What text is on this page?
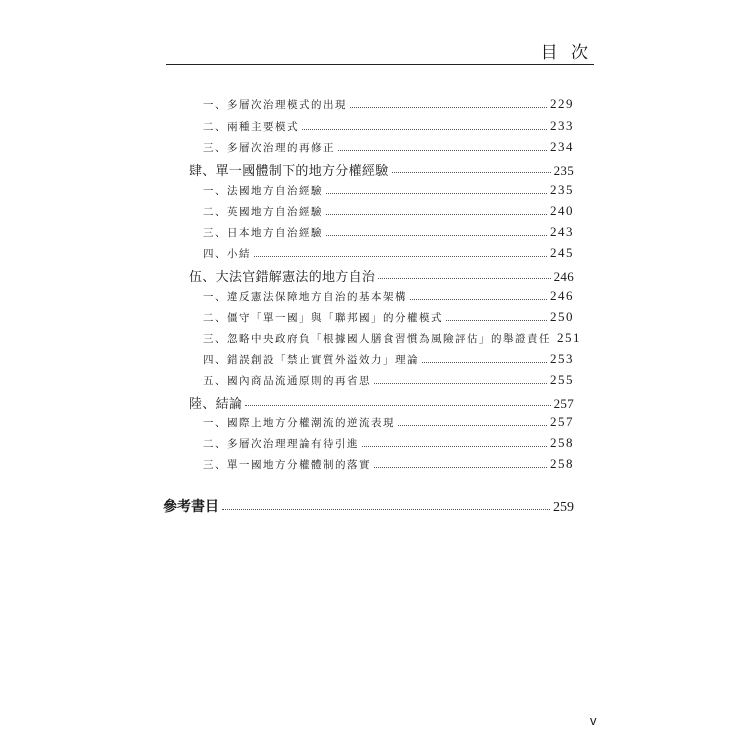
目 次
一、多層次治理模式的出現	229
二、兩種主要模式	233
三、多層次治理的再修正	234
肆、單一國體制下的地方分權經驗	235
一、法國地方自治經驗	235
二、英國地方自治經驗	240
三、日本地方自治經驗	243
四、小結	245
伍、大法官錯解憲法的地方自治	246
一、違反憲法保障地方自治的基本架構	246
二、僵守「單一國」與「聯邦國」的分權模式	250
三、忽略中央政府負「根據國人膳食習慣為風險評估」的舉證責任 251
四、錯誤創設「禁止實質外溢效力」理論	253
五、國內商品流通原則的再省思	255
陸、結論	257
一、國際上地方分權潮流的逆流表現	257
二、多層次治理理論有待引進	258
三、單一國地方分權體制的落實	258
參考書目	259
v
